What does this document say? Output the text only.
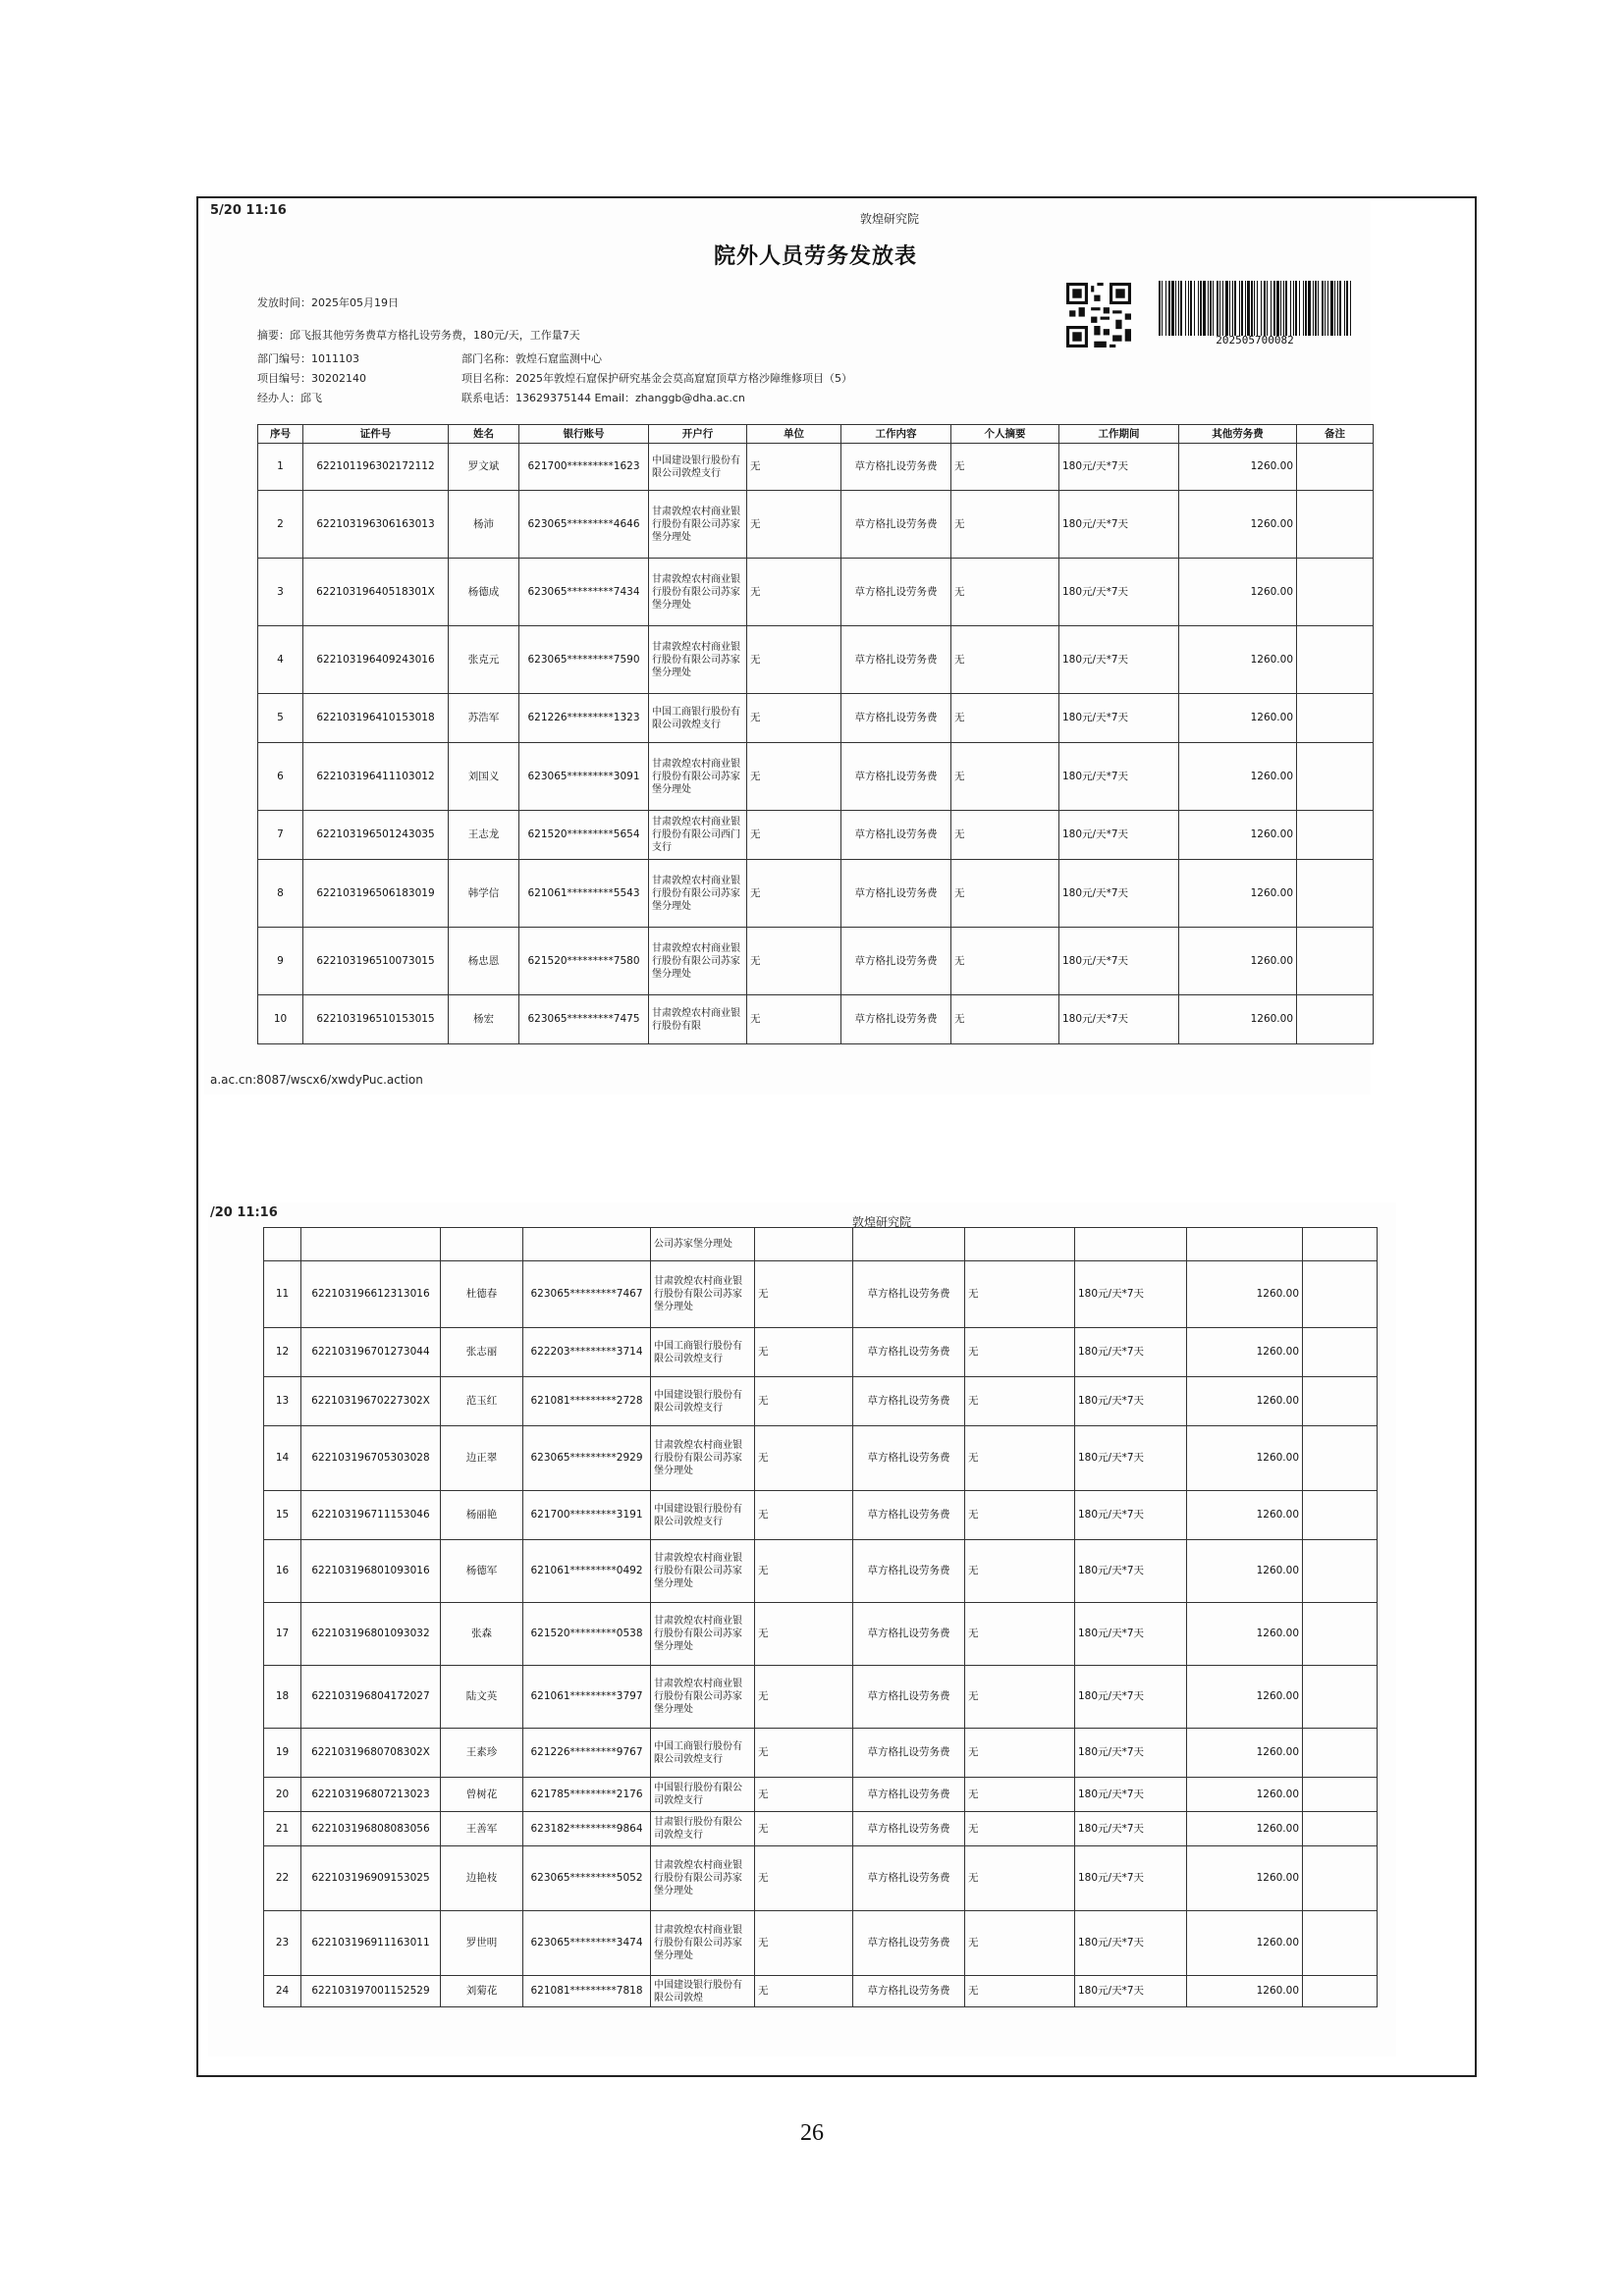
5/20 11:16
敦煌研究院
院外人员劳务发放表
发放时间：2025年05月19日
摘要：邱飞报其他劳务费草方格扎设劳务费，180元/天，工作量7天
部门编号：1011103
项目编号：30202140
经办人：邱飞
部门名称：敦煌石窟监测中心
项目名称：2025年敦煌石窟保护研究基金会莫高窟窟顶草方格沙障维修项目（5）
联系电话：13629375144 Email：zhanggb@dha.ac.cn
202505700082
序号	证件号	姓名	银行账号	开户行	单位	工作内容	个人摘要	工作期间	其他劳务费	备注
1	622101196302172112	罗文斌	621700*********1623	中国建设银行股份有限公司敦煌支行	无	草方格扎设劳务费	无	180元/天*7天	1260.00	
2	622103196306163013	杨沛	623065*********4646	甘肃敦煌农村商业银行股份有限公司苏家堡分理处	无	草方格扎设劳务费	无	180元/天*7天	1260.00	
3	62210319640518301X	杨德成	623065*********7434	甘肃敦煌农村商业银行股份有限公司苏家堡分理处	无	草方格扎设劳务费	无	180元/天*7天	1260.00	
4	622103196409243016	张克元	623065*********7590	甘肃敦煌农村商业银行股份有限公司苏家堡分理处	无	草方格扎设劳务费	无	180元/天*7天	1260.00	
5	622103196410153018	苏浩军	621226*********1323	中国工商银行股份有限公司敦煌支行	无	草方格扎设劳务费	无	180元/天*7天	1260.00	
6	622103196411103012	刘国义	623065*********3091	甘肃敦煌农村商业银行股份有限公司苏家堡分理处	无	草方格扎设劳务费	无	180元/天*7天	1260.00	
7	622103196501243035	王志龙	621520*********5654	甘肃敦煌农村商业银行股份有限公司西门支行	无	草方格扎设劳务费	无	180元/天*7天	1260.00	
8	622103196506183019	韩学信	621061*********5543	甘肃敦煌农村商业银行股份有限公司苏家堡分理处	无	草方格扎设劳务费	无	180元/天*7天	1260.00	
9	622103196510073015	杨忠恩	621520*********7580	甘肃敦煌农村商业银行股份有限公司苏家堡分理处	无	草方格扎设劳务费	无	180元/天*7天	1260.00	
10	622103196510153015	杨宏	623065*********7475	甘肃敦煌农村商业银行股份有限	无	草方格扎设劳务费	无	180元/天*7天	1260.00	
a.ac.cn:8087/wscx6/xwdyPuc.action
/20 11:16
敦煌研究院
				公司苏家堡分理处						
11	622103196612313016	杜德春	623065*********7467	甘肃敦煌农村商业银行股份有限公司苏家堡分理处	无	草方格扎设劳务费	无	180元/天*7天	1260.00	
12	622103196701273044	张志丽	622203*********3714	中国工商银行股份有限公司敦煌支行	无	草方格扎设劳务费	无	180元/天*7天	1260.00	
13	62210319670227302X	范玉红	621081*********2728	中国建设银行股份有限公司敦煌支行	无	草方格扎设劳务费	无	180元/天*7天	1260.00	
14	622103196705303028	边正翠	623065*********2929	甘肃敦煌农村商业银行股份有限公司苏家堡分理处	无	草方格扎设劳务费	无	180元/天*7天	1260.00	
15	622103196711153046	杨丽艳	621700*********3191	中国建设银行股份有限公司敦煌支行	无	草方格扎设劳务费	无	180元/天*7天	1260.00	
16	622103196801093016	杨德军	621061*********0492	甘肃敦煌农村商业银行股份有限公司苏家堡分理处	无	草方格扎设劳务费	无	180元/天*7天	1260.00	
17	622103196801093032	张森	621520*********0538	甘肃敦煌农村商业银行股份有限公司苏家堡分理处	无	草方格扎设劳务费	无	180元/天*7天	1260.00	
18	622103196804172027	陆文英	621061*********3797	甘肃敦煌农村商业银行股份有限公司苏家堡分理处	无	草方格扎设劳务费	无	180元/天*7天	1260.00	
19	62210319680708302X	王素珍	621226*********9767	中国工商银行股份有限公司敦煌支行	无	草方格扎设劳务费	无	180元/天*7天	1260.00	
20	622103196807213023	曾树花	621785*********2176	中国银行股份有限公司敦煌支行	无	草方格扎设劳务费	无	180元/天*7天	1260.00	
21	622103196808083056	王善军	623182*********9864	甘肃银行股份有限公司敦煌支行	无	草方格扎设劳务费	无	180元/天*7天	1260.00	
22	622103196909153025	边艳枝	623065*********5052	甘肃敦煌农村商业银行股份有限公司苏家堡分理处	无	草方格扎设劳务费	无	180元/天*7天	1260.00	
23	622103196911163011	罗世明	623065*********3474	甘肃敦煌农村商业银行股份有限公司苏家堡分理处	无	草方格扎设劳务费	无	180元/天*7天	1260.00	
24	622103197001152529	刘菊花	621081*********7818	中国建设银行股份有限公司敦煌	无	草方格扎设劳务费	无	180元/天*7天	1260.00	
26
